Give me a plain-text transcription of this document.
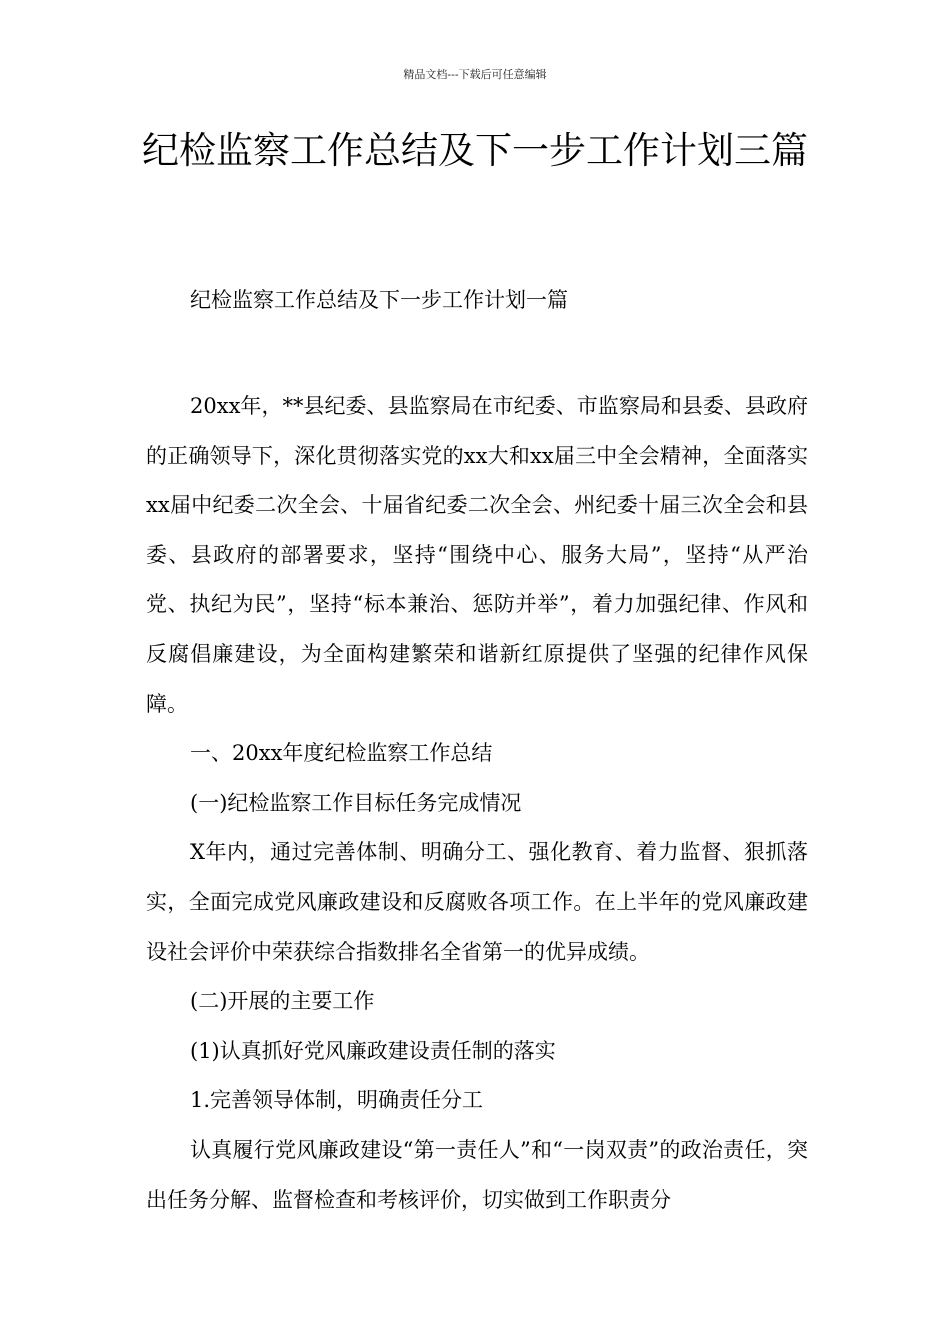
精品文档---下载后可任意编辑
纪检监察工作总结及下一步工作计划三篇

纪检监察工作总结及下一步工作计划一篇

20xx年，**县纪委、县监察局在市纪委、市监察局和县委、县政府的正确领导下，深化贯彻落实党的xx大和xx届三中全会精神，全面落实xx届中纪委二次全会、十届省纪委二次全会、州纪委十届三次全会和县委、县政府的部署要求，坚持“围绕中心、服务大局”，坚持“从严治党、执纪为民”，坚持“标本兼治、惩防并举”，着力加强纪律、作风和反腐倡廉建设，为全面构建繁荣和谐新红原提供了坚强的纪律作风保障。

一、20xx年度纪检监察工作总结

(一)纪检监察工作目标任务完成情况

X年内，通过完善体制、明确分工、强化教育、着力监督、狠抓落实，全面完成党风廉政建设和反腐败各项工作。在上半年的党风廉政建设社会评价中荣获综合指数排名全省第一的优异成绩。

(二)开展的主要工作

(1)认真抓好党风廉政建设责任制的落实

1.完善领导体制，明确责任分工

认真履行党风廉政建设“第一责任人”和“一岗双责”的政治责任，突出任务分解、监督检查和考核评价，切实做到工作职责分
